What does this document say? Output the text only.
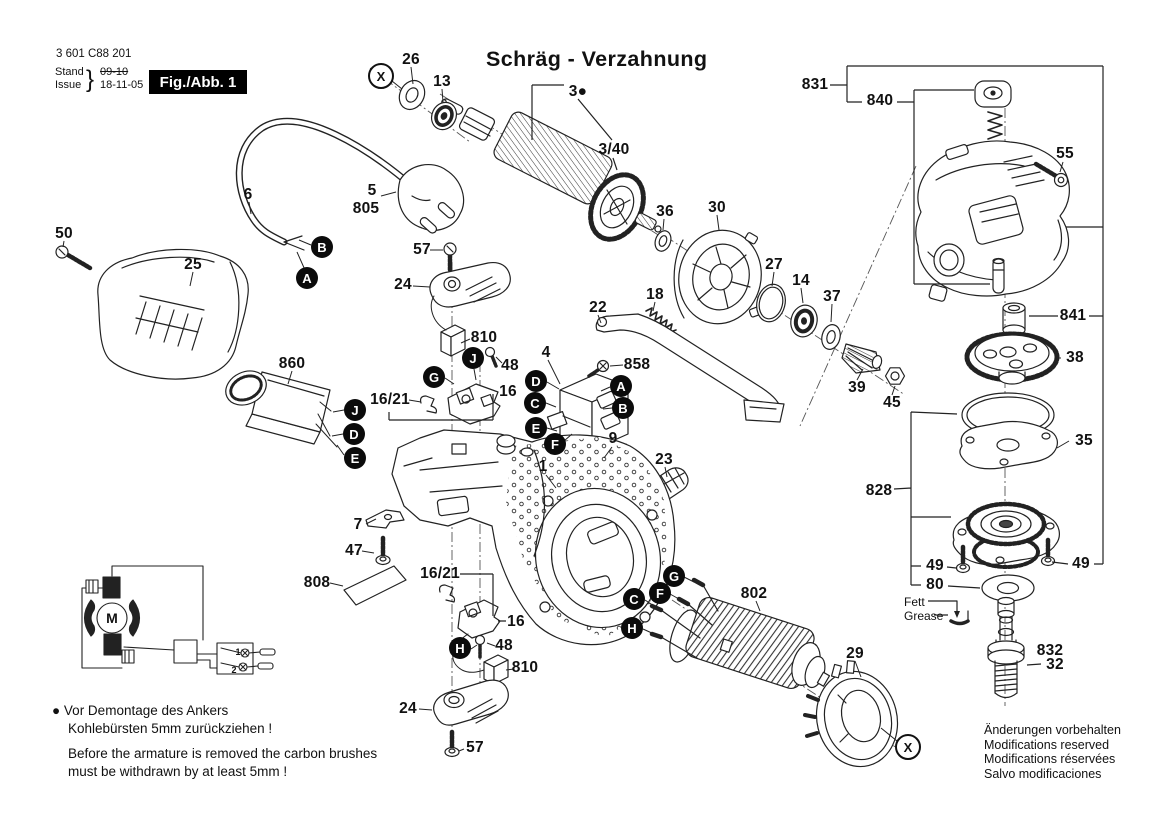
3 601 C88 201
Stand
Issue } 09-10
18-11-05	Fig./Abb. 1
Schräg - Verzahnung
26
13
3●
3/40
36 30
27
14
37
18
22
4
858
39
45
831
840
55
841
38
35
828
49	49
80
832
32
29
802
50
25
6	5
805
57
24
810
48
16
16/21
860
9
23
1
7
47
808
16/21
16
48
810
24
57
B
A
J
G
J
D
E
D
C
E
F
A
B
G
F
C
H
H
X
X
M
1
2
Fett
Grease
● Vor Demontage des Ankers
Kohlebürsten 5mm zurückziehen !
Before the armature is removed the carbon brushes
must be withdrawn by at least 5mm !
Änderungen vorbehalten
Modifications reserved
Modifications réservées
Salvo modificaciones
